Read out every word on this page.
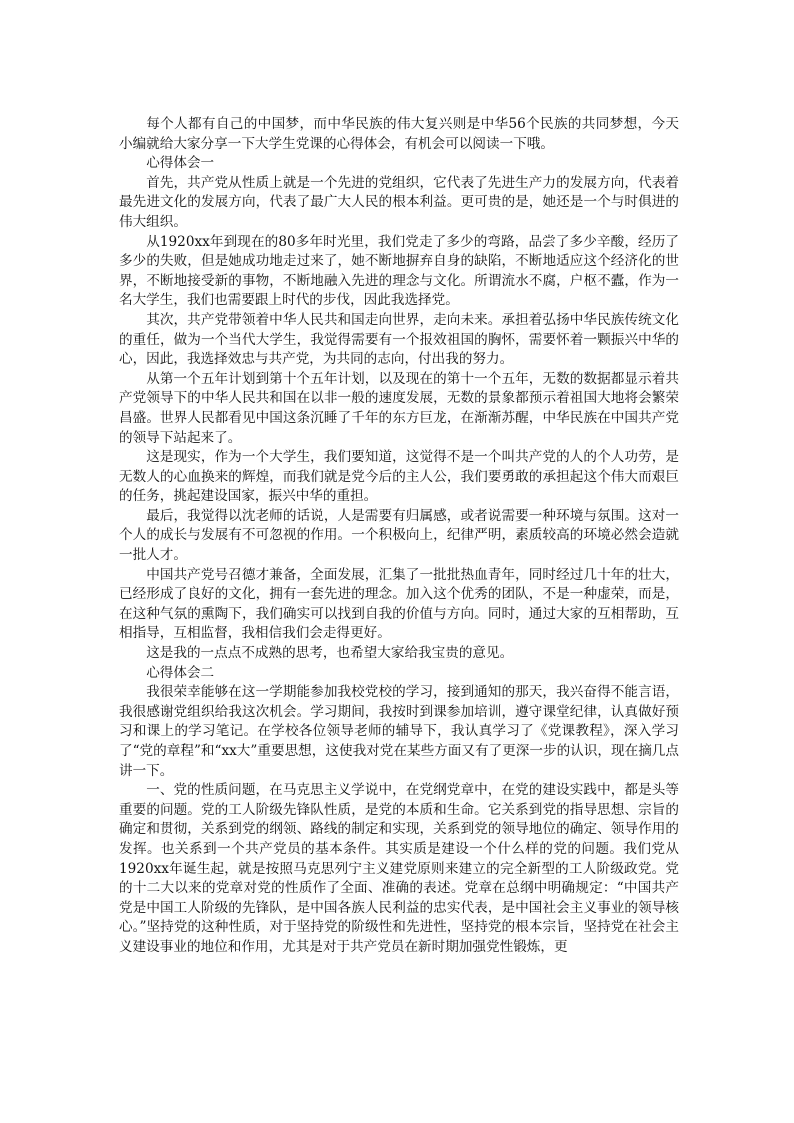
每个人都有自己的中国梦，而中华民族的伟大复兴则是中华56个民族的共同梦想，今天小编就给大家分享一下大学生党课的心得体会，有机会可以阅读一下哦。

心得体会一

首先，共产党从性质上就是一个先进的党组织，它代表了先进生产力的发展方向，代表着最先进文化的发展方向，代表了最广大人民的根本利益。更可贵的是，她还是一个与时俱进的伟大组织。

从1920xx年到现在的80多年时光里，我们党走了多少的弯路，品尝了多少辛酸，经历了多少的失败，但是她成功地走过来了，她不断地摒弃自身的缺陷，不断地适应这个经济化的世界，不断地接受新的事物，不断地融入先进的理念与文化。所谓流水不腐，户枢不蠹，作为一名大学生，我们也需要跟上时代的步伐，因此我选择党。

其次，共产党带领着中华人民共和国走向世界，走向未来。承担着弘扬中华民族传统文化的重任，做为一个当代大学生，我觉得需要有一个报效祖国的胸怀，需要怀着一颗振兴中华的心，因此，我选择效忠与共产党，为共同的志向，付出我的努力。

从第一个五年计划到第十个五年计划，以及现在的第十一个五年，无数的数据都显示着共产党领导下的中华人民共和国在以非一般的速度发展，无数的景象都预示着祖国大地将会繁荣昌盛。世界人民都看见中国这条沉睡了千年的东方巨龙，在渐渐苏醒，中华民族在中国共产党的领导下站起来了。

这是现实，作为一个大学生，我们要知道，这觉得不是一个叫共产党的人的个人功劳，是无数人的心血换来的辉煌，而我们就是党今后的主人公，我们要勇敢的承担起这个伟大而艰巨的任务，挑起建设国家，振兴中华的重担。

最后，我觉得以沈老师的话说，人是需要有归属感，或者说需要一种环境与氛围。这对一个人的成长与发展有不可忽视的作用。一个积极向上，纪律严明，素质较高的环境必然会造就一批人才。

中国共产党号召德才兼备，全面发展，汇集了一批批热血青年，同时经过几十年的壮大，已经形成了良好的文化，拥有一套先进的理念。加入这个优秀的团队，不是一种虚荣，而是，在这种气氛的熏陶下，我们确实可以找到自我的价值与方向。同时，通过大家的互相帮助，互相指导，互相监督，我相信我们会走得更好。

这是我的一点点不成熟的思考，也希望大家给我宝贵的意见。

心得体会二

我很荣幸能够在这一学期能参加我校党校的学习，接到通知的那天，我兴奋得不能言语，我很感谢党组织给我这次机会。学习期间，我按时到课参加培训，遵守课堂纪律，认真做好预习和课上的学习笔记。在学校各位领导老师的辅导下，我认真学习了《党课教程》，深入学习了“党的章程”和“xx大”重要思想，这使我对党在某些方面又有了更深一步的认识，现在摘几点讲一下。

一、党的性质问题，在马克思主义学说中，在党纲党章中，在党的建设实践中，都是头等重要的问题。党的工人阶级先锋队性质，是党的本质和生命。它关系到党的指导思想、宗旨的确定和贯彻，关系到党的纲领、路线的制定和实现，关系到党的领导地位的确定、领导作用的发挥。也关系到一个共产党员的基本条件。其实质是建设一个什么样的党的问题。我们党从1920xx年诞生起，就是按照马克思列宁主义建党原则来建立的完全新型的工人阶级政党。党的十二大以来的党章对党的性质作了全面、准确的表述。党章在总纲中明确规定：“中国共产党是中国工人阶级的先锋队，是中国各族人民利益的忠实代表，是中国社会主义事业的领导核心。”坚持党的这种性质，对于坚持党的阶级性和先进性，坚持党的根本宗旨，坚持党在社会主义建设事业的地位和作用，尤其是对于共产党员在新时期加强党性锻炼，更
